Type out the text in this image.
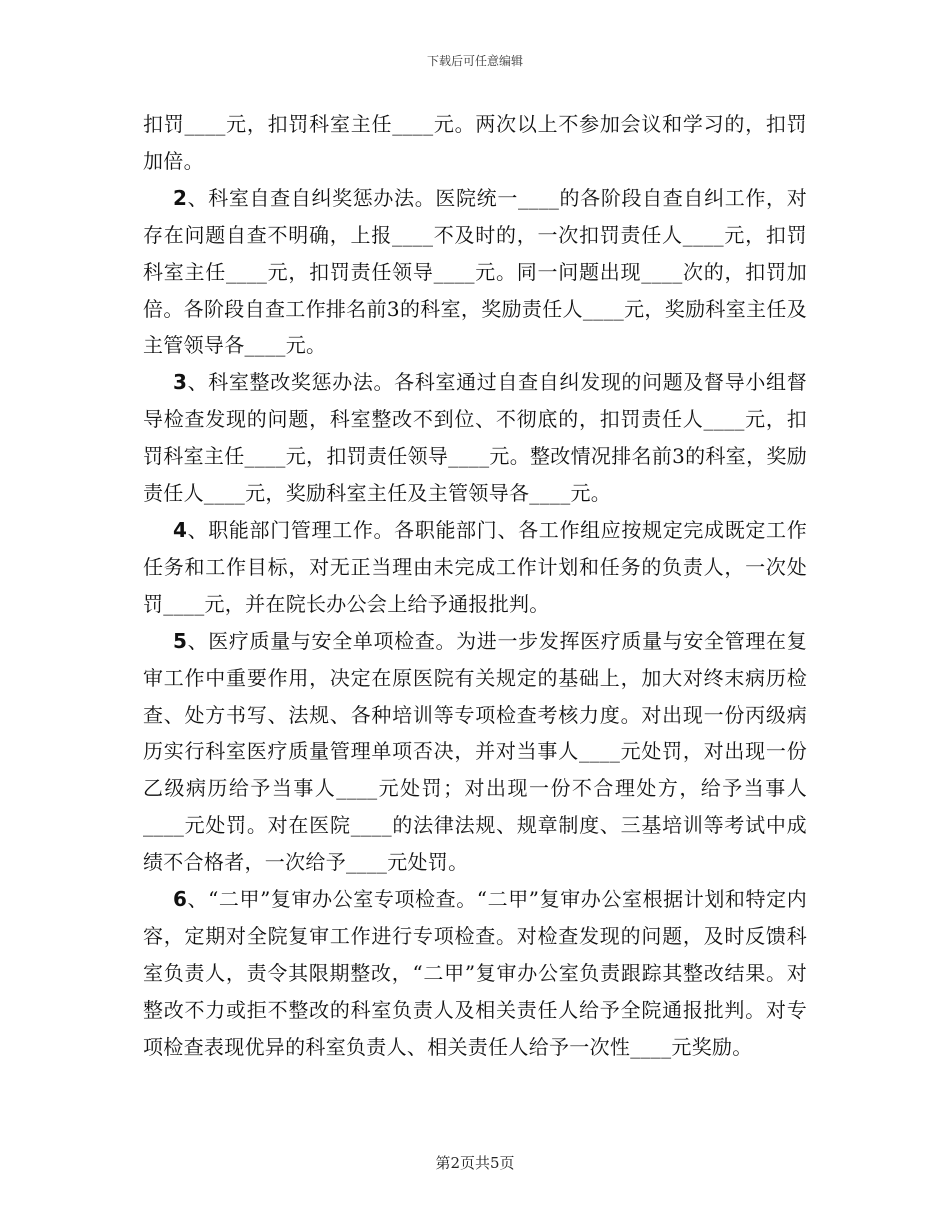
下载后可任意编辑

扣罚____元，扣罚科室主任____元。两次以上不参加会议和学习的，扣罚加倍。

2、科室自查自纠奖惩办法。医院统一____的各阶段自查自纠工作，对存在问题自查不明确，上报____不及时的，一次扣罚责任人____元，扣罚科室主任____元，扣罚责任领导____元。同一问题出现____次的，扣罚加倍。各阶段自查工作排名前3的科室，奖励责任人____元，奖励科室主任及主管领导各____元。

3、科室整改奖惩办法。各科室通过自查自纠发现的问题及督导小组督导检查发现的问题，科室整改不到位、不彻底的，扣罚责任人____元，扣罚科室主任____元，扣罚责任领导____元。整改情况排名前3的科室，奖励责任人____元，奖励科室主任及主管领导各____元。

4、职能部门管理工作。各职能部门、各工作组应按规定完成既定工作任务和工作目标，对无正当理由未完成工作计划和任务的负责人，一次处罚____元，并在院长办公会上给予通报批判。

5、医疗质量与安全单项检查。为进一步发挥医疗质量与安全管理在复审工作中重要作用，决定在原医院有关规定的基础上，加大对终末病历检查、处方书写、法规、各种培训等专项检查考核力度。对出现一份丙级病历实行科室医疗质量管理单项否决，并对当事人____元处罚，对出现一份乙级病历给予当事人____元处罚；对出现一份不合理处方，给予当事人____元处罚。对在医院____的法律法规、规章制度、三基培训等考试中成绩不合格者，一次给予____元处罚。

6、“二甲”复审办公室专项检查。“二甲”复审办公室根据计划和特定内容，定期对全院复审工作进行专项检查。对检查发现的问题，及时反馈科室负责人，责令其限期整改，“二甲”复审办公室负责跟踪其整改结果。对整改不力或拒不整改的科室负责人及相关责任人给予全院通报批判。对专项检查表现优异的科室负责人、相关责任人给予一次性____元奖励。

第2页共5页
